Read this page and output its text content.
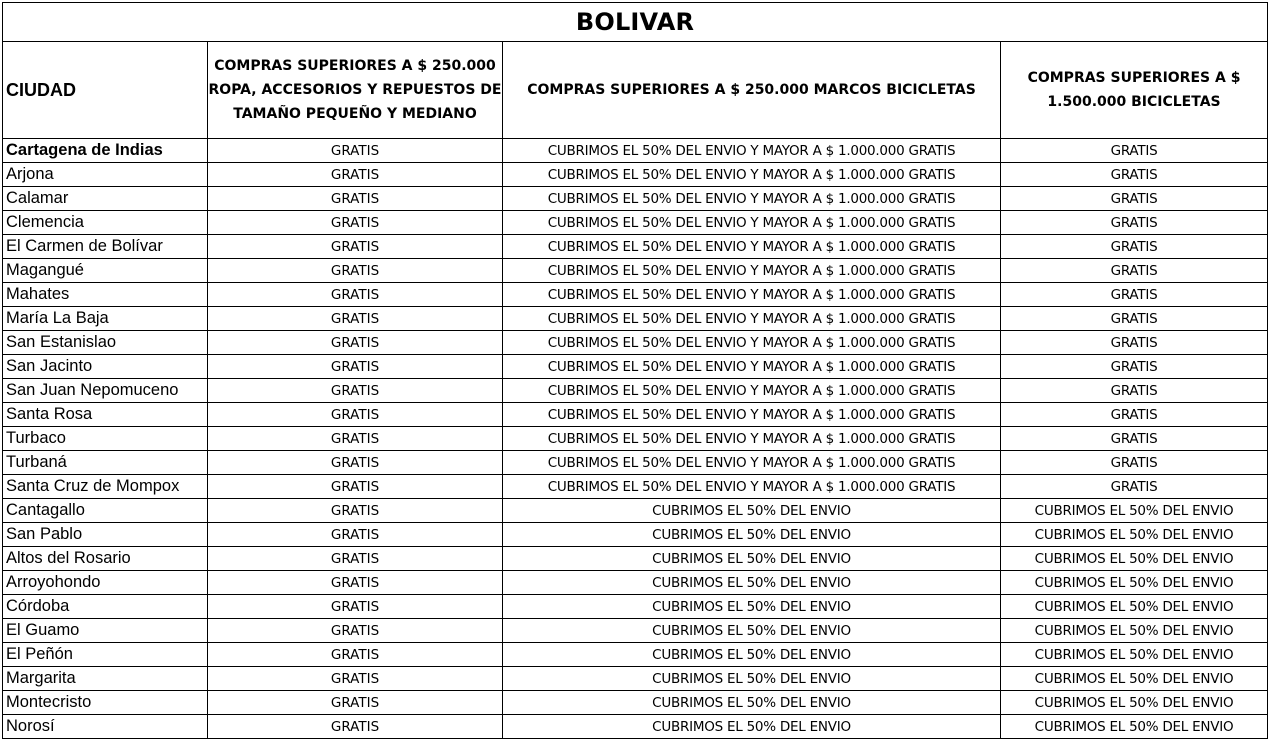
BOLIVAR			
CIUDAD	COMPRAS SUPERIORES A $ 250.000 ROPA, ACCESORIOS Y REPUESTOS DE TAMAÑO PEQUEÑO Y MEDIANO	COMPRAS SUPERIORES A $ 250.000 MARCOS BICICLETAS	COMPRAS SUPERIORES A $ 1.500.000 BICICLETAS
Cartagena de Indias	GRATIS	CUBRIMOS EL 50% DEL ENVIO Y MAYOR A $ 1.000.000 GRATIS	GRATIS
Arjona	GRATIS	CUBRIMOS EL 50% DEL ENVIO Y MAYOR A $ 1.000.000 GRATIS	GRATIS
Calamar	GRATIS	CUBRIMOS EL 50% DEL ENVIO Y MAYOR A $ 1.000.000 GRATIS	GRATIS
Clemencia	GRATIS	CUBRIMOS EL 50% DEL ENVIO Y MAYOR A $ 1.000.000 GRATIS	GRATIS
El Carmen de Bolívar	GRATIS	CUBRIMOS EL 50% DEL ENVIO Y MAYOR A $ 1.000.000 GRATIS	GRATIS
Magangué	GRATIS	CUBRIMOS EL 50% DEL ENVIO Y MAYOR A $ 1.000.000 GRATIS	GRATIS
Mahates	GRATIS	CUBRIMOS EL 50% DEL ENVIO Y MAYOR A $ 1.000.000 GRATIS	GRATIS
María La Baja	GRATIS	CUBRIMOS EL 50% DEL ENVIO Y MAYOR A $ 1.000.000 GRATIS	GRATIS
San Estanislao	GRATIS	CUBRIMOS EL 50% DEL ENVIO Y MAYOR A $ 1.000.000 GRATIS	GRATIS
San Jacinto	GRATIS	CUBRIMOS EL 50% DEL ENVIO Y MAYOR A $ 1.000.000 GRATIS	GRATIS
San Juan Nepomuceno	GRATIS	CUBRIMOS EL 50% DEL ENVIO Y MAYOR A $ 1.000.000 GRATIS	GRATIS
Santa Rosa	GRATIS	CUBRIMOS EL 50% DEL ENVIO Y MAYOR A $ 1.000.000 GRATIS	GRATIS
Turbaco	GRATIS	CUBRIMOS EL 50% DEL ENVIO Y MAYOR A $ 1.000.000 GRATIS	GRATIS
Turbaná	GRATIS	CUBRIMOS EL 50% DEL ENVIO Y MAYOR A $ 1.000.000 GRATIS	GRATIS
Santa Cruz de Mompox	GRATIS	CUBRIMOS EL 50% DEL ENVIO Y MAYOR A $ 1.000.000 GRATIS	GRATIS
Cantagallo	GRATIS	CUBRIMOS EL 50% DEL ENVIO	CUBRIMOS EL 50% DEL ENVIO
San Pablo	GRATIS	CUBRIMOS EL 50% DEL ENVIO	CUBRIMOS EL 50% DEL ENVIO
Altos del Rosario	GRATIS	CUBRIMOS EL 50% DEL ENVIO	CUBRIMOS EL 50% DEL ENVIO
Arroyohondo	GRATIS	CUBRIMOS EL 50% DEL ENVIO	CUBRIMOS EL 50% DEL ENVIO
Córdoba	GRATIS	CUBRIMOS EL 50% DEL ENVIO	CUBRIMOS EL 50% DEL ENVIO
El Guamo	GRATIS	CUBRIMOS EL 50% DEL ENVIO	CUBRIMOS EL 50% DEL ENVIO
El Peñón	GRATIS	CUBRIMOS EL 50% DEL ENVIO	CUBRIMOS EL 50% DEL ENVIO
Margarita	GRATIS	CUBRIMOS EL 50% DEL ENVIO	CUBRIMOS EL 50% DEL ENVIO
Montecristo	GRATIS	CUBRIMOS EL 50% DEL ENVIO	CUBRIMOS EL 50% DEL ENVIO
Norosí	GRATIS	CUBRIMOS EL 50% DEL ENVIO	CUBRIMOS EL 50% DEL ENVIO
